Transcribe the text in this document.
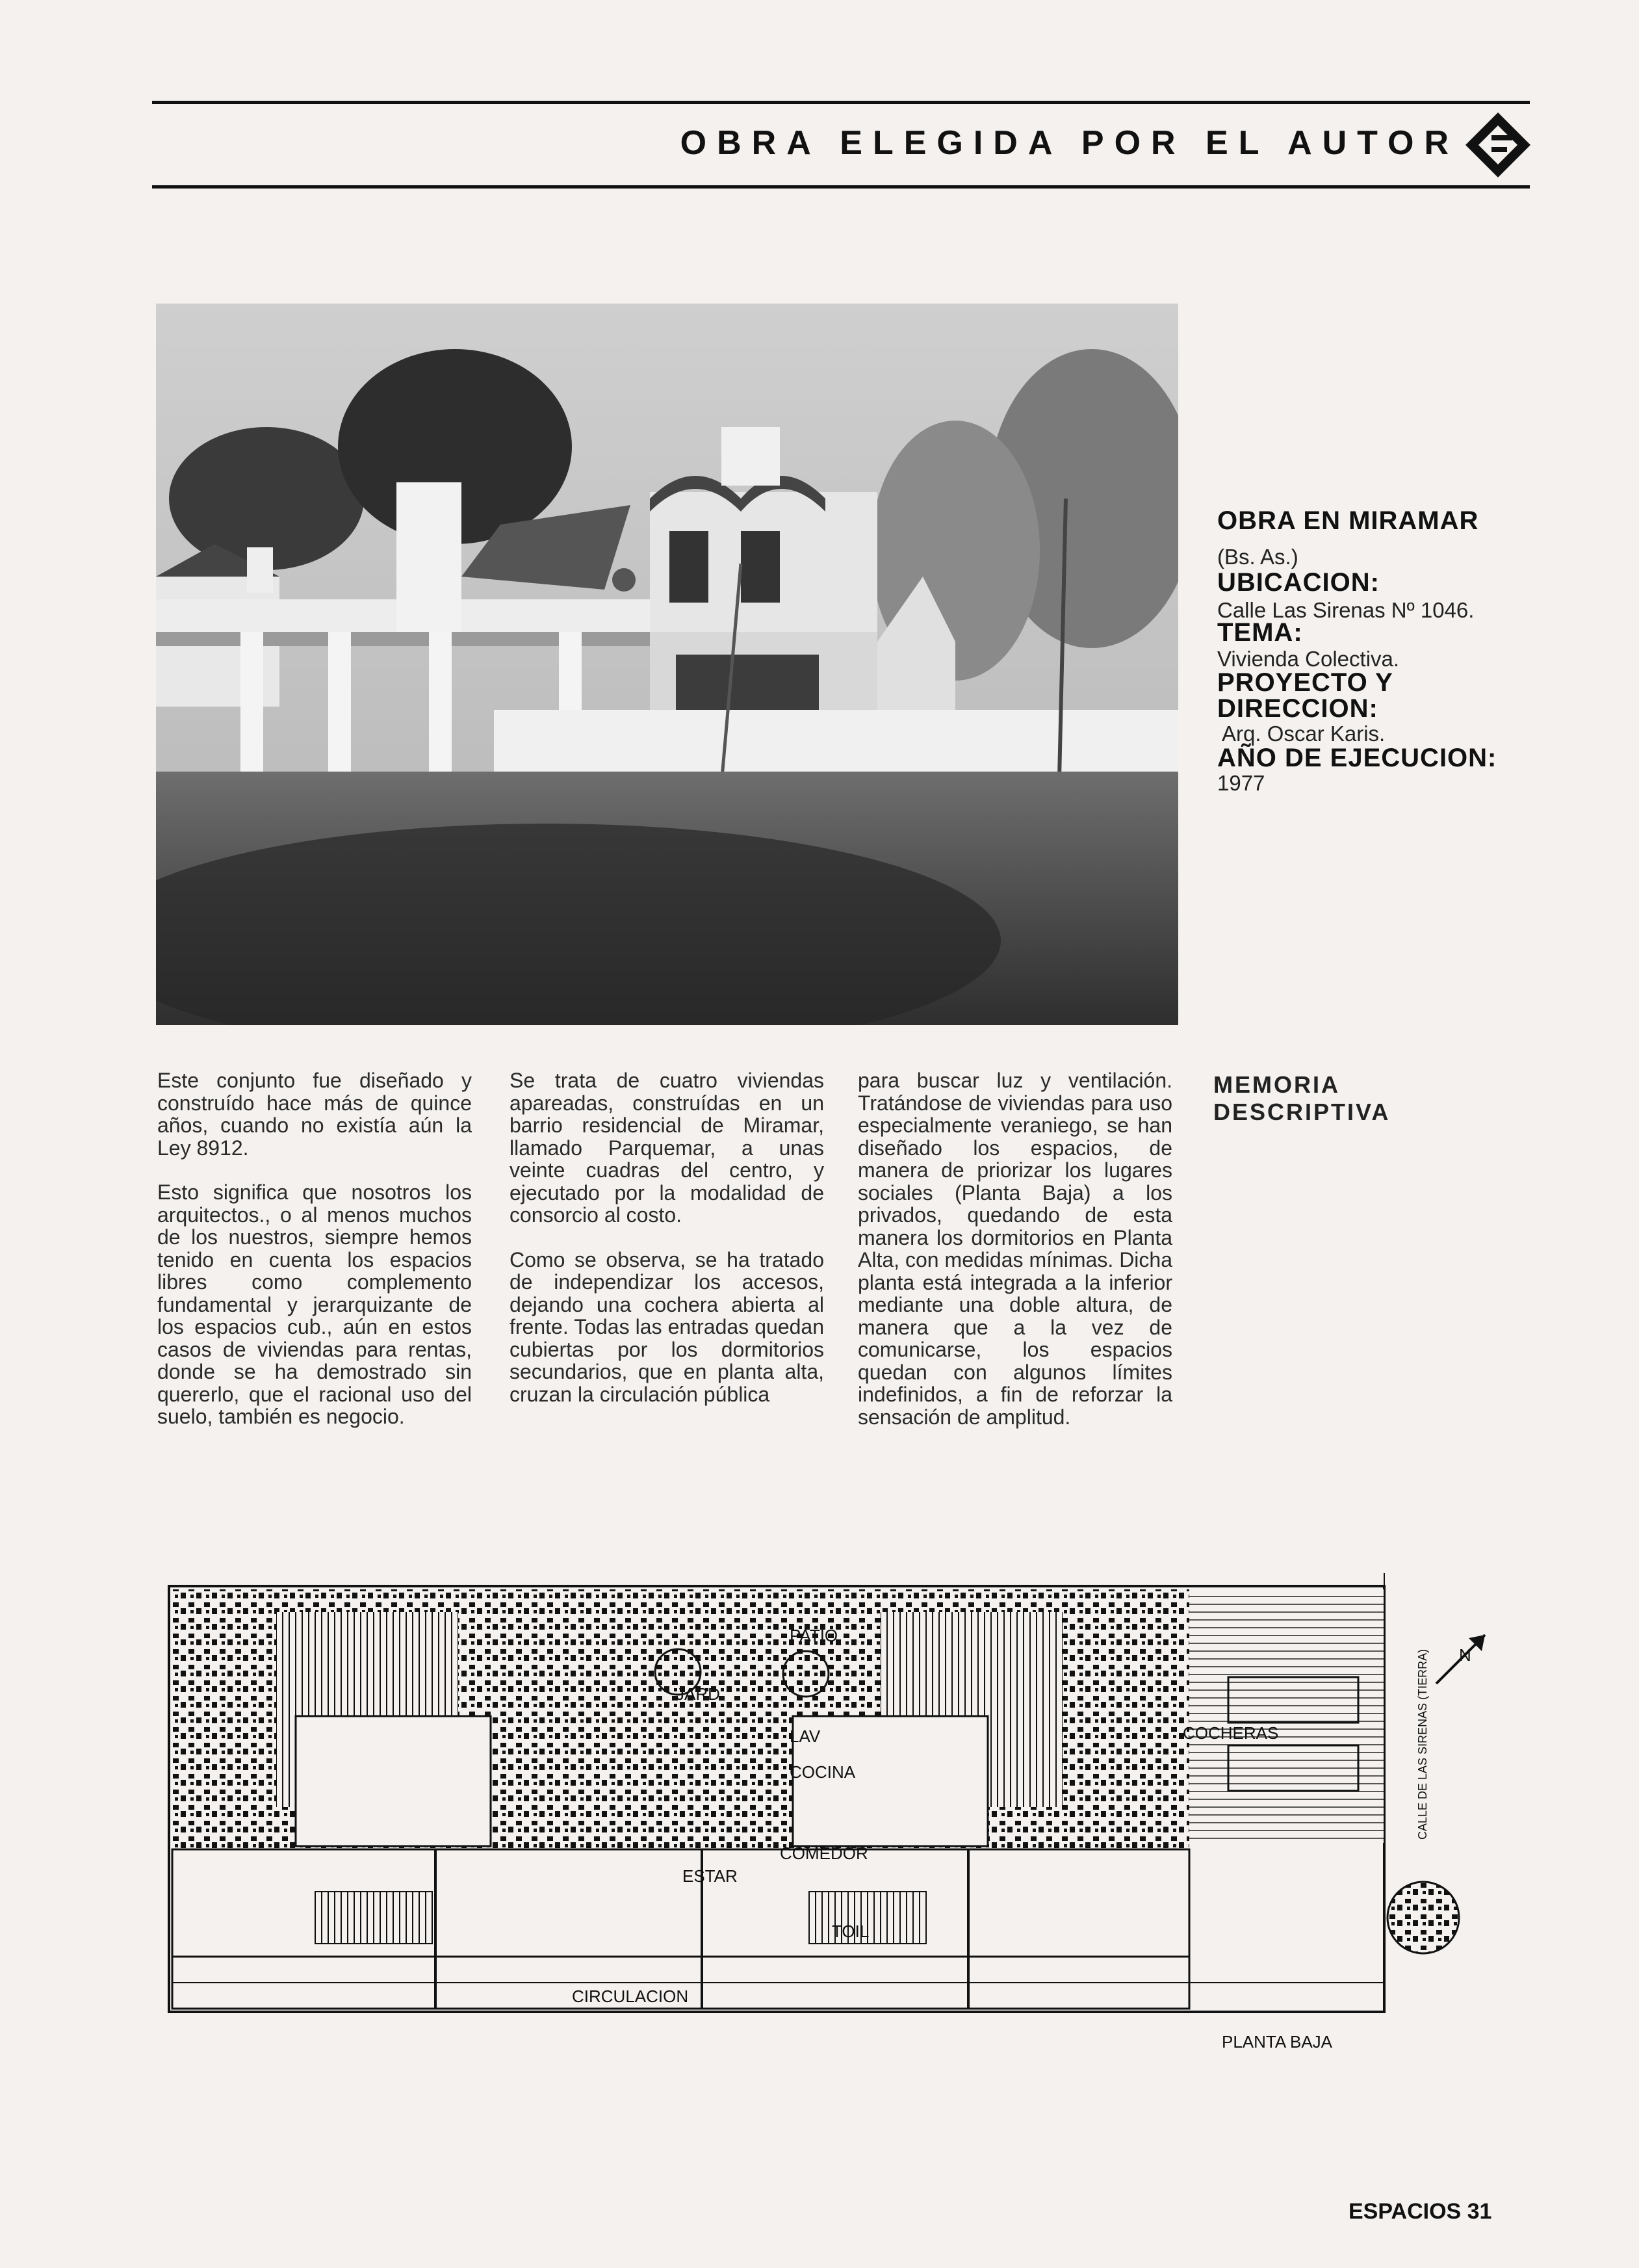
OBRA ELEGIDA POR EL AUTOR
OBRA EN MIRAMAR
(Bs. As.)
UBICACION:
Calle Las Sirenas Nº 1046.
TEMA:
Vivienda Colectiva.
PROYECTO Y
DIRECCION:
Arq. Oscar Karis.
AÑO DE EJECUCION:
1977

Este conjunto fue diseñado y construído hace más de quince años, cuando no existía aún la Ley 8912.

Esto significa que nosotros los arquitectos., o al menos muchos de los nuestros, siempre hemos tenido en cuenta los espacios libres como complemento fundamental y jerarquizante de los espacios cub., aún en estos casos de viviendas para rentas, donde se ha demostrado sin quererlo, que el racional uso del suelo, también es negocio.

Se trata de cuatro viviendas apareadas, construídas en un barrio residencial de Miramar, llamado Parquemar, a unas veinte cuadras del centro, y ejecutado por la modalidad de consorcio al costo.

Como se observa, se ha tratado de independizar los accesos, dejando una cochera abierta al frente. Todas las entradas quedan cubiertas por los dormitorios secundarios, que en planta alta, cruzan la circulación pública

para buscar luz y ventilación. Tratándose de viviendas para uso especialmente veraniego, se han diseñado los espacios, de manera de priorizar los lugares sociales (Planta Baja) a los privados, quedando de esta manera los dormitorios en Planta Alta, con medidas mínimas. Dicha planta está integrada a la inferior mediante una doble altura, de manera que a la vez de comunicarse, los espacios quedan con algunos límites indefinidos, a fin de reforzar la sensación de amplitud.

MEMORIA
DESCRIPTIVA
PATIO
JARD
LAV
COCINA
COMEDOR
ESTAR
TOIL
COCHERAS
CIRCULACION
PLANTA BAJA
N
CALLE DE LAS SIRENAS (TIERRA)
ESPACIOS 31
